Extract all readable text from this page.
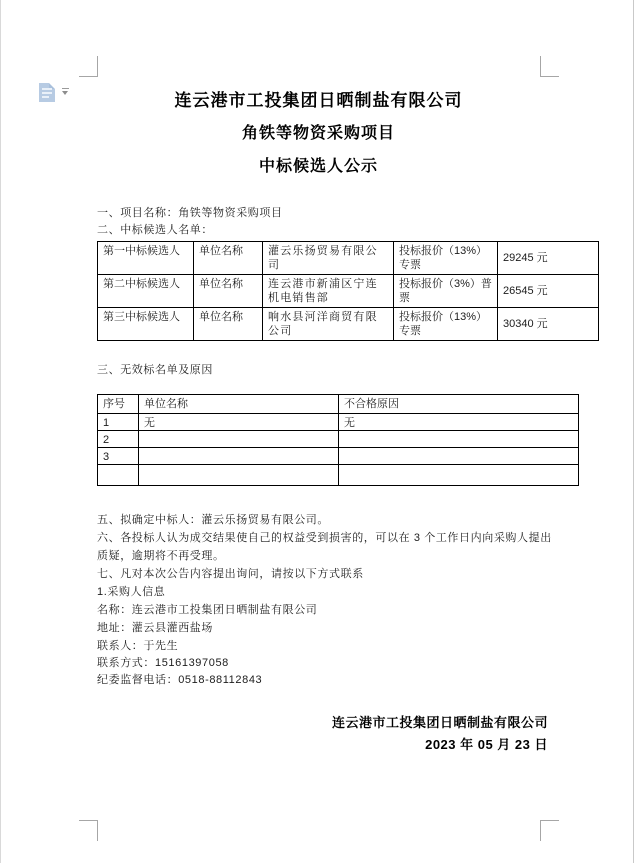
连云港市工投集团日晒制盐有限公司
角铁等物资采购项目
中标候选人公示
一、项目名称：角铁等物资采购项目
二、中标候选人名单：
第一中标候选人	单位名称	灌云乐扬贸易有限公司	投标报价（13%）专票	29245 元
第二中标候选人	单位名称	连云港市新浦区宁连机电销售部	投标报价（3%）普票	26545 元
第三中标候选人	单位名称	响水县河洋商贸有限公司	投标报价（13%）专票	30340 元
三、无效标名单及原因
序号	单位名称	不合格原因
1	无	无
2		
3		

五、拟确定中标人：灌云乐扬贸易有限公司。
六、各投标人认为成交结果使自己的权益受到损害的，可以在 3 个工作日内向采购人提出质疑，逾期将不再受理。
七、凡对本次公告内容提出询问，请按以下方式联系
1.采购人信息
名称：连云港市工投集团日晒制盐有限公司
地址：灌云县灌西盐场
联系人：于先生
联系方式：15161397058
纪委监督电话：0518-88112843
连云港市工投集团日晒制盐有限公司
2023 年 05 月 23 日
